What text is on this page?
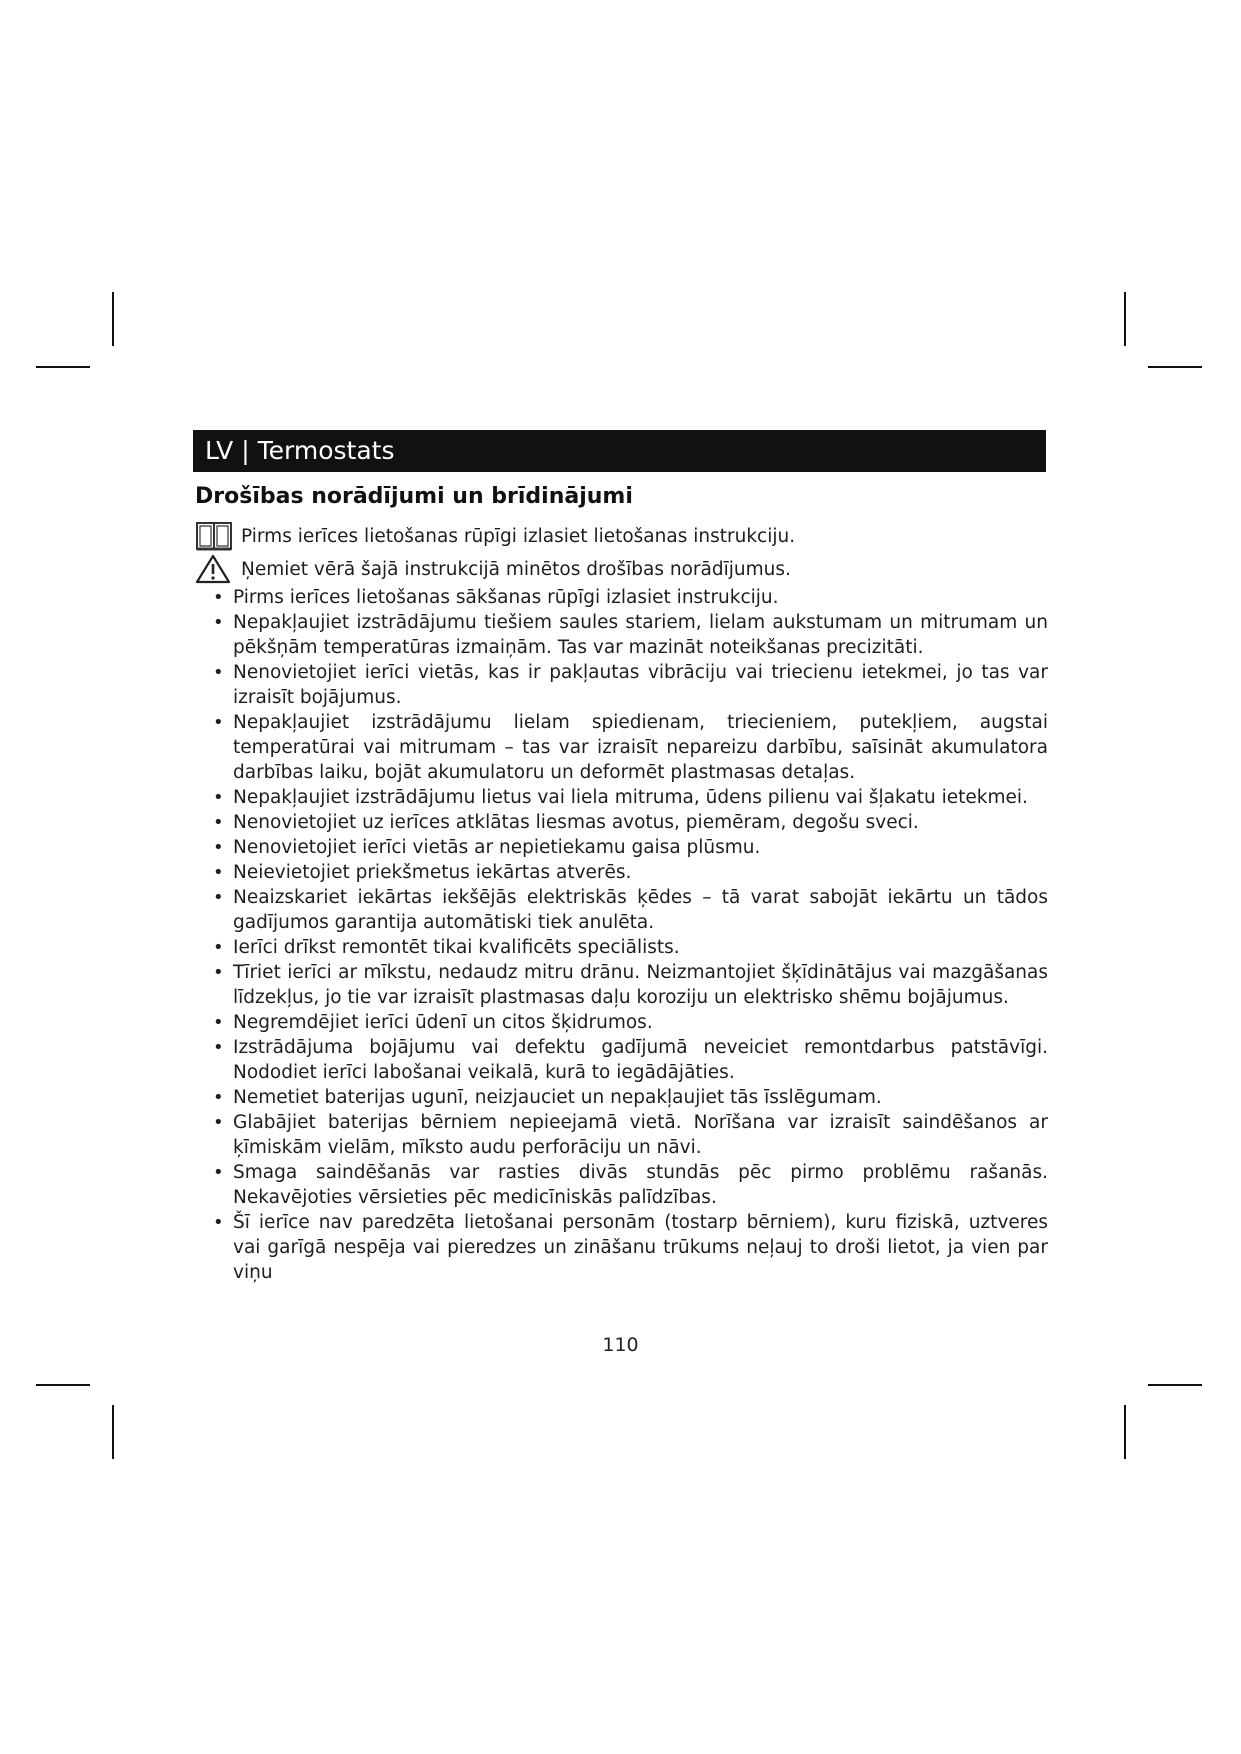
LV | Termostats
Drošības norādījumi un brīdinājumi
Pirms ierīces lietošanas rūpīgi izlasiet lietošanas instrukciju.
Ņemiet vērā šajā instrukcijā minētos drošības norādījumus.
• Pirms ierīces lietošanas sākšanas rūpīgi izlasiet instrukciju.
• Nepakļaujiet izstrādājumu tiešiem saules stariem, lielam aukstumam un mitrumam un pēkšņām temperatūras izmaiņām. Tas var mazināt noteikšanas precizitāti.
• Nenovietojiet ierīci vietās, kas ir pakļautas vibrāciju vai triecienu ietekmei, jo tas var izraisīt bojājumus.
• Nepakļaujiet izstrādājumu lielam spiedienam, triecieniem, putekļiem, augstai temperatūrai vai mitrumam – tas var izraisīt nepareizu darbību, saīsināt akumulatora darbības laiku, bojāt akumulatoru un deformēt plastmasas detaļas.
• Nepakļaujiet izstrādājumu lietus vai liela mitruma, ūdens pilienu vai šļakatu ietekmei.
• Nenovietojiet uz ierīces atklātas liesmas avotus, piemēram, degošu sveci.
• Nenovietojiet ierīci vietās ar nepietiekamu gaisa plūsmu.
• Neievietojiet priekšmetus iekārtas atverēs.
• Neaizskariet iekārtas iekšējās elektriskās ķēdes – tā varat sabojāt iekārtu un tādos gadījumos garantija automātiski tiek anulēta.
• Ierīci drīkst remontēt tikai kvalificēts speciālists.
• Tīriet ierīci ar mīkstu, nedaudz mitru drānu. Neizmantojiet šķīdinātājus vai mazgāšanas līdzekļus, jo tie var izraisīt plastmasas daļu koroziju un elektrisko shēmu bojājumus.
• Negremdējiet ierīci ūdenī un citos šķidrumos.
• Izstrādājuma bojājumu vai defektu gadījumā neveiciet remontdarbus patstāvīgi. Nododiet ierīci labošanai veikalā, kurā to iegādājāties.
• Nemetiet baterijas ugunī, neizjauciet un nepakļaujiet tās īsslēgumam.
• Glabājiet baterijas bērniem nepieejamā vietā. Norīšana var izraisīt saindēšanos ar ķīmiskām vielām, mīksto audu perforāciju un nāvi.
• Smaga saindēšanās var rasties divās stundās pēc pirmo problēmu rašanās. Nekavējoties vērsieties pēc medicīniskās palīdzības.
• Šī ierīce nav paredzēta lietošanai personām (tostarp bērniem), kuru fiziskā, uztveres vai garīgā nespēja vai pieredzes un zināšanu trūkums neļauj to droši lietot, ja vien par viņu
110
